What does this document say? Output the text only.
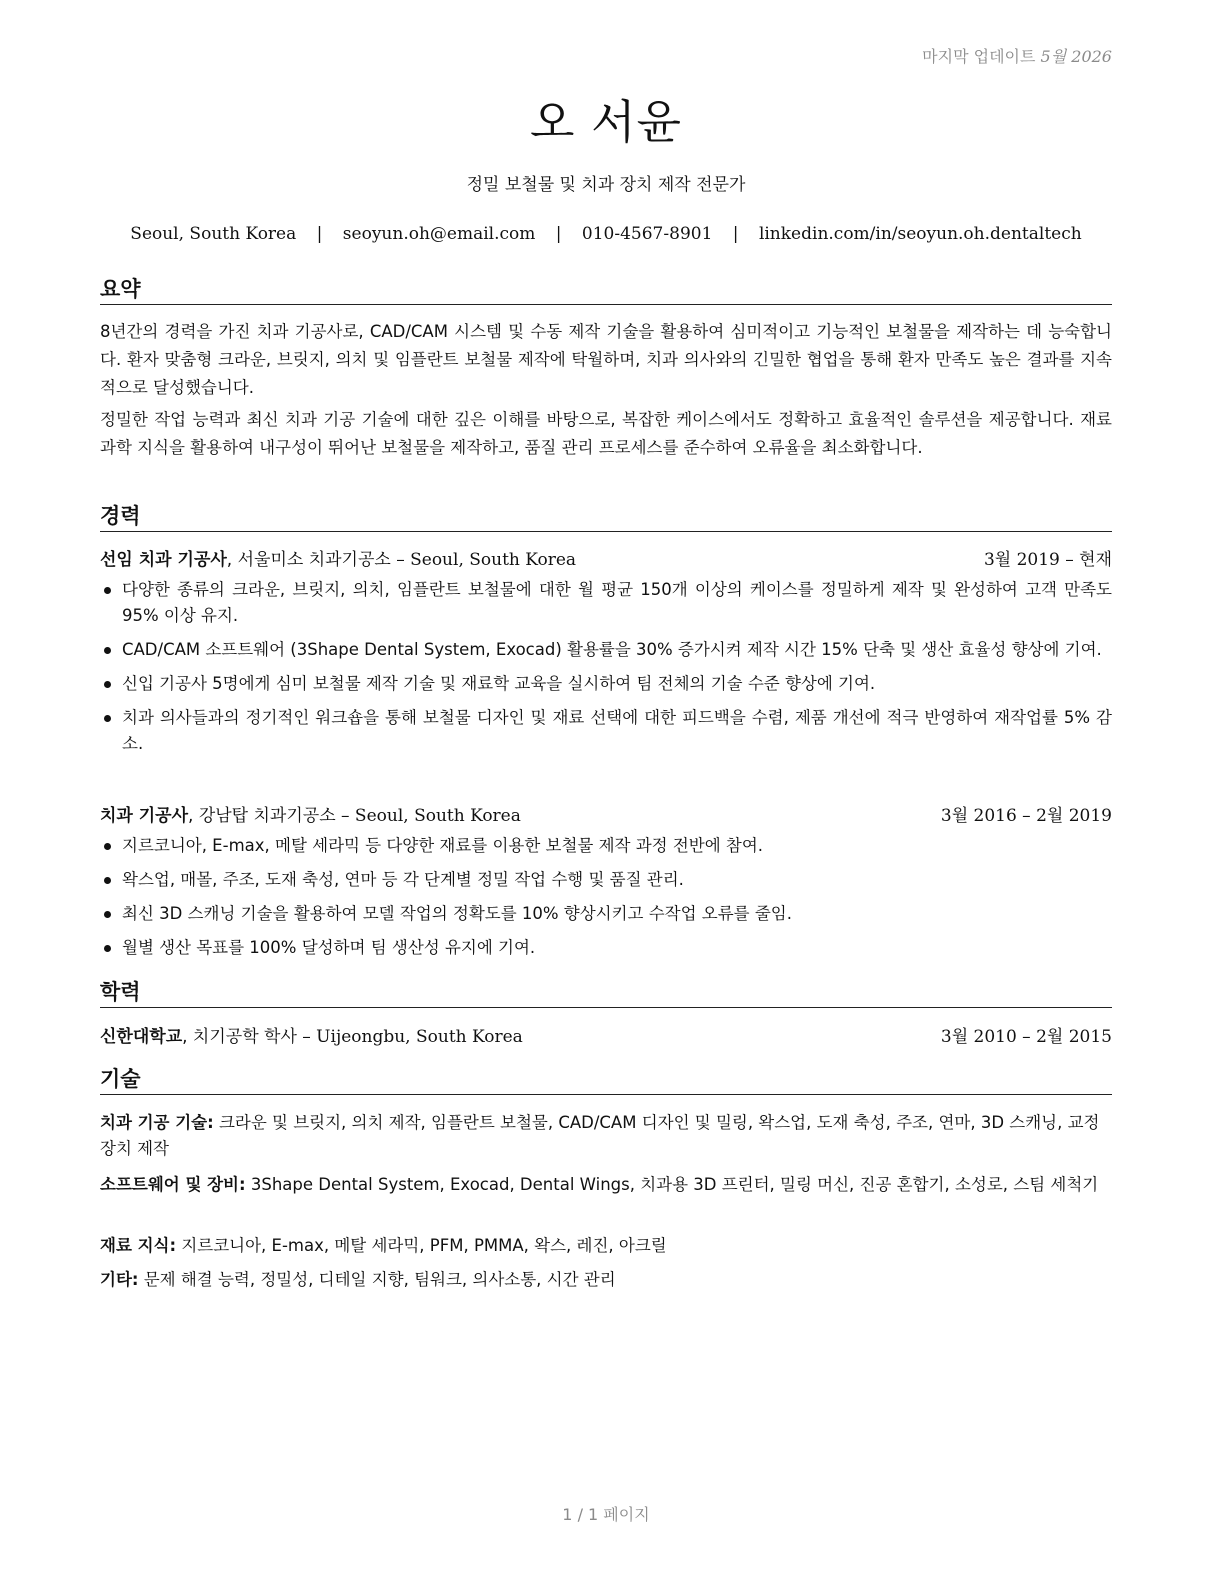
마지막 업데이트 5월 2026
오 서윤
정밀 보철물 및 치과 장치 제작 전문가
Seoul, South Korea | seoyun.oh@email.com | 010-4567-8901 | linkedin.com/in/seoyun.oh.dentaltech
요약
8년간의 경력을 가진 치과 기공사로, CAD/CAM 시스템 및 수동 제작 기술을 활용하여 심미적이고 기능적인 보철물을 제작하는 데 능숙합니다. 환자 맞춤형 크라운, 브릿지, 의치 및 임플란트 보철물 제작에 탁월하며, 치과 의사와의 긴밀한 협업을 통해 환자 만족도 높은 결과를 지속적으로 달성했습니다.
정밀한 작업 능력과 최신 치과 기공 기술에 대한 깊은 이해를 바탕으로, 복잡한 케이스에서도 정확하고 효율적인 솔루션을 제공합니다. 재료 과학 지식을 활용하여 내구성이 뛰어난 보철물을 제작하고, 품질 관리 프로세스를 준수하여 오류율을 최소화합니다.
경력
선임 치과 기공사, 서울미소 치과기공소 – Seoul, South Korea	3월 2019 – 현재
다양한 종류의 크라운, 브릿지, 의치, 임플란트 보철물에 대한 월 평균 150개 이상의 케이스를 정밀하게 제작 및 완성하여 고객 만족도 95% 이상 유지.
CAD/CAM 소프트웨어 (3Shape Dental System, Exocad) 활용률을 30% 증가시켜 제작 시간 15% 단축 및 생산 효율성 향상에 기여.
신입 기공사 5명에게 심미 보철물 제작 기술 및 재료학 교육을 실시하여 팀 전체의 기술 수준 향상에 기여.
치과 의사들과의 정기적인 워크숍을 통해 보철물 디자인 및 재료 선택에 대한 피드백을 수렴, 제품 개선에 적극 반영하여 재작업률 5% 감소.
치과 기공사, 강남탑 치과기공소 – Seoul, South Korea	3월 2016 – 2월 2019
지르코니아, E-max, 메탈 세라믹 등 다양한 재료를 이용한 보철물 제작 과정 전반에 참여.
왁스업, 매몰, 주조, 도재 축성, 연마 등 각 단계별 정밀 작업 수행 및 품질 관리.
최신 3D 스캐닝 기술을 활용하여 모델 작업의 정확도를 10% 향상시키고 수작업 오류를 줄임.
월별 생산 목표를 100% 달성하며 팀 생산성 유지에 기여.
학력
신한대학교, 치기공학 학사 – Uijeongbu, South Korea	3월 2010 – 2월 2015
기술
치과 기공 기술: 크라운 및 브릿지, 의치 제작, 임플란트 보철물, CAD/CAM 디자인 및 밀링, 왁스업, 도재 축성, 주조, 연마, 3D 스캐닝, 교정 장치 제작
소프트웨어 및 장비: 3Shape Dental System, Exocad, Dental Wings, 치과용 3D 프린터, 밀링 머신, 진공 혼합기, 소성로, 스팀 세척기
재료 지식: 지르코니아, E-max, 메탈 세라믹, PFM, PMMA, 왁스, 레진, 아크릴
기타: 문제 해결 능력, 정밀성, 디테일 지향, 팀워크, 의사소통, 시간 관리
1 / 1 페이지
